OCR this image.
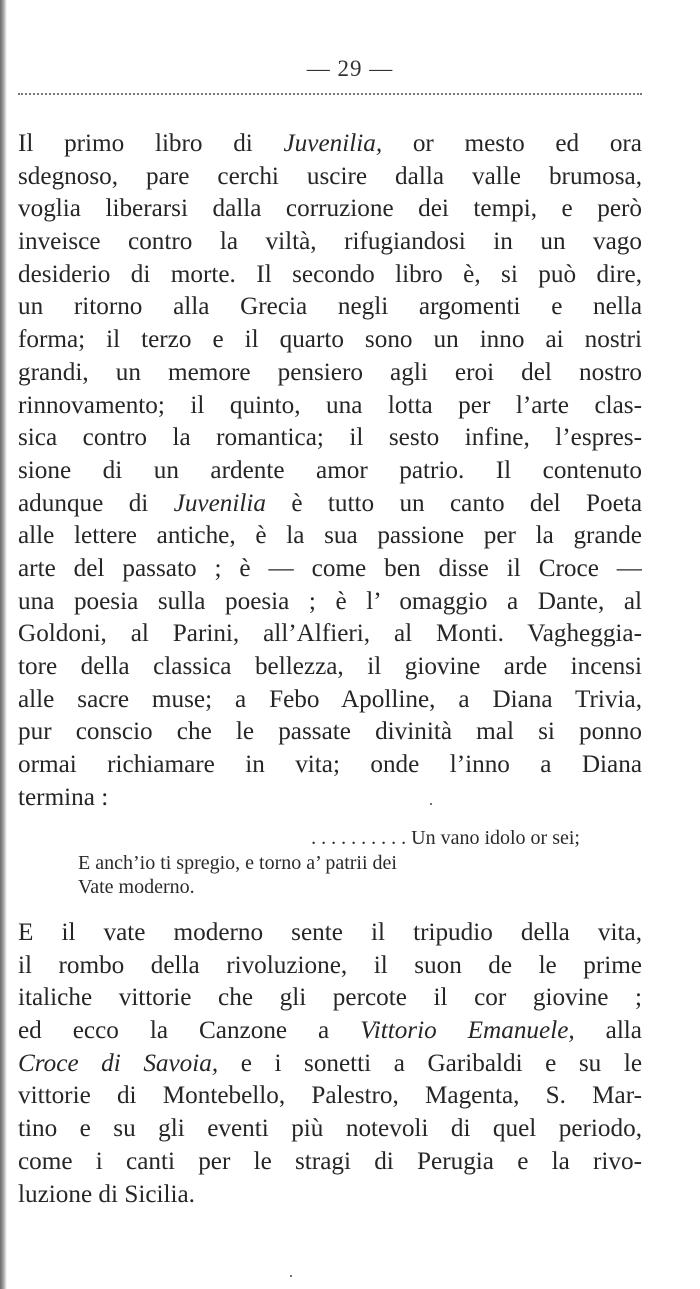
— 29 —
Il primo libro di Juvenilia, or mesto ed ora
sdegnoso, pare cerchi uscire dalla valle brumosa,
voglia liberarsi dalla corruzione dei tempi, e però
inveisce contro la viltà, rifugiandosi in un vago
desiderio di morte. Il secondo libro è, si può dire,
un ritorno alla Grecia negli argomenti e nella
forma; il terzo e il quarto sono un inno ai nostri
grandi, un memore pensiero agli eroi del nostro
rinnovamento; il quinto, una lotta per l’arte clas-
sica contro la romantica; il sesto infine, l’espres-
sione di un ardente amor patrio. Il contenuto
adunque di Juvenilia è tutto un canto del Poeta
alle lettere antiche, è la sua passione per la grande
arte del passato ; è — come ben disse il Croce —
una poesia sulla poesia ; è l’ omaggio a Dante, al
Goldoni, al Parini, all’Alfieri, al Monti. Vagheggia-
tore della classica bellezza, il giovine arde incensi
alle sacre muse; a Febo Apolline, a Diana Trivia,
pur conscio che le passate divinità mal si ponno
ormai richiamare in vita; onde l’inno a Diana
termina :
. . . . . . . . . . Un vano idolo or sei;
E anch’io ti spregio, e torno a’ patrii dei
Vate moderno.
E il vate moderno sente il tripudio della vita,
il rombo della rivoluzione, il suon de le prime
italiche vittorie che gli percote il cor giovine ;
ed ecco la Canzone a Vittorio Emanuele, alla
Croce di Savoia, e i sonetti a Garibaldi e su le
vittorie di Montebello, Palestro, Magenta, S. Mar-
tino e su gli eventi più notevoli di quel periodo,
come i canti per le stragi di Perugia e la rivo-
luzione di Sicilia.
